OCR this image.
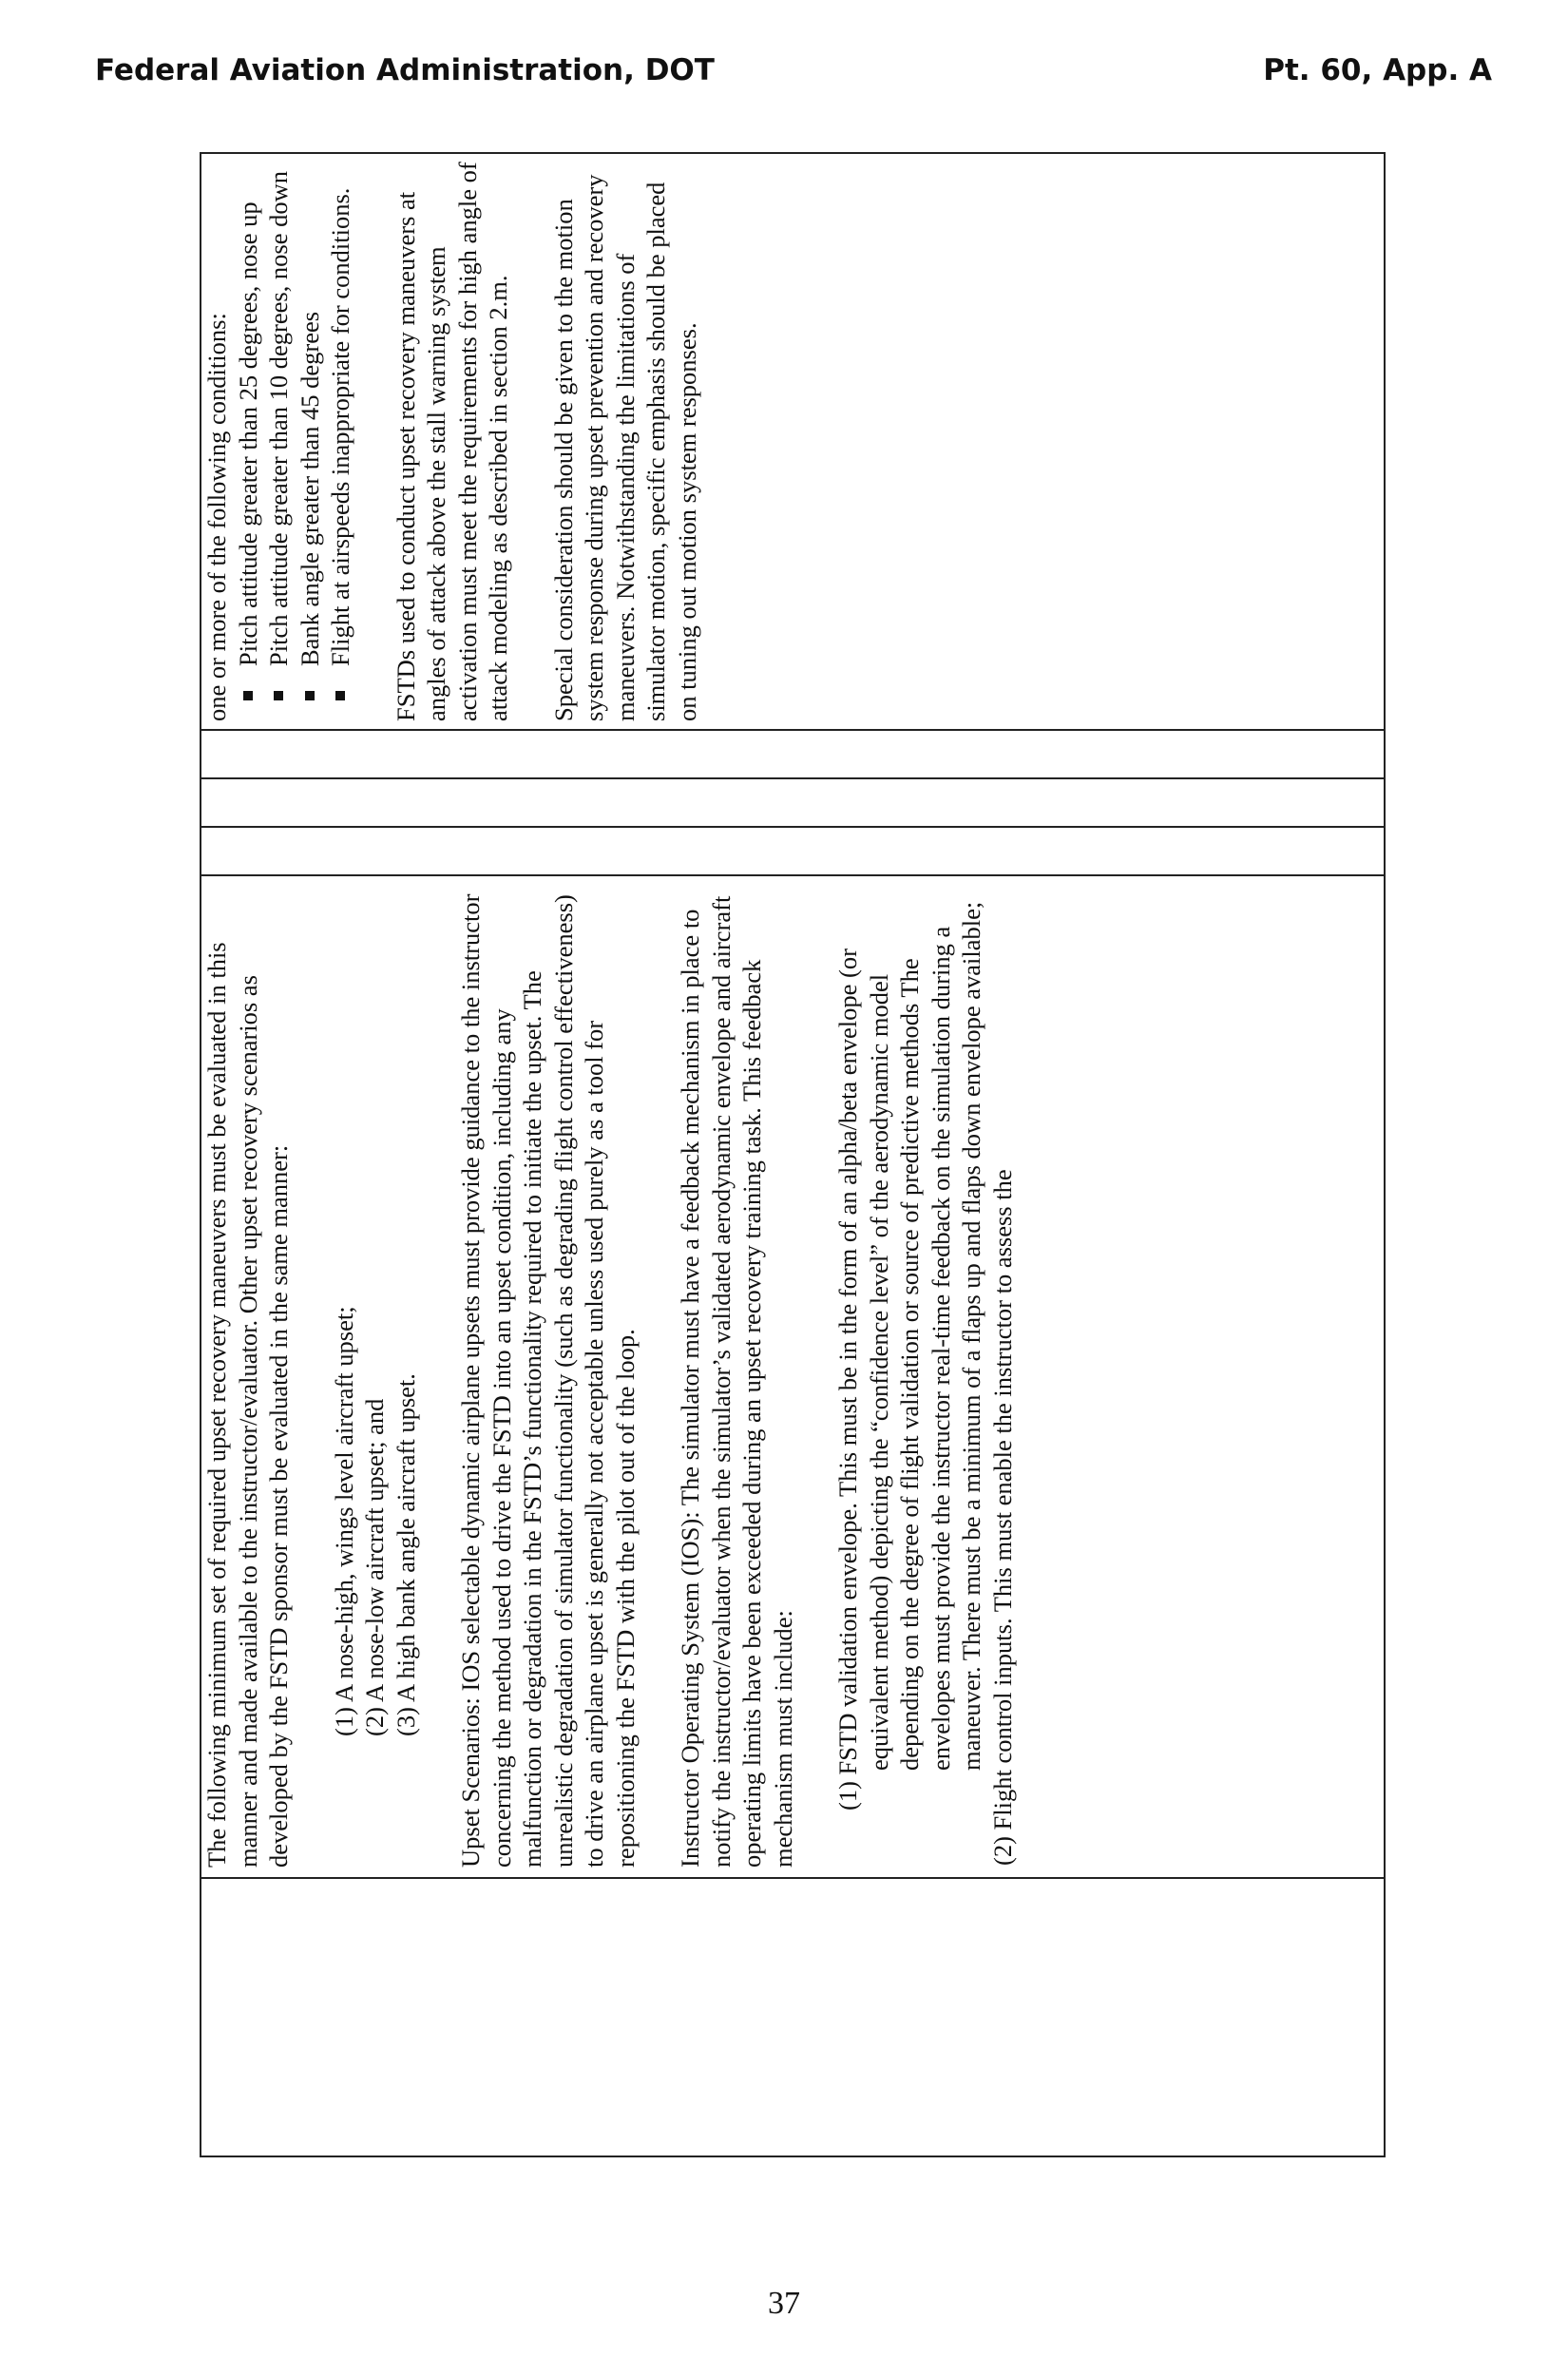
Federal Aviation Administration, DOT	Pt. 60, App. A

The following minimum set of required upset recovery maneuvers must be evaluated in this manner and made available to the instructor/evaluator. Other upset recovery scenarios as developed by the FSTD sponsor must be evaluated in the same manner: (1) A nose-high, wings level aircraft upset; (2) A nose-low aircraft upset; and (3) A high bank angle aircraft upset. Upset Scenarios: IOS selectable dynamic airplane upsets must provide guidance to the instructor concerning the method used to drive the FSTD into an upset condition, including any malfunction or degradation in the FSTD’s functionality required to initiate the upset. The unrealistic degradation of simulator functionality (such as degrading flight control effectiveness) to drive an airplane upset is generally not acceptable unless used purely as a tool for repositioning the FSTD with the pilot out of the loop. Instructor Operating System (IOS): The simulator must have a feedback mechanism in place to notify the instructor/evaluator when the simulator’s validated aerodynamic envelope and aircraft operating limits have been exceeded during an upset recovery training task. This feedback mechanism must include: (1) FSTD validation envelope. This must be in the form of an alpha/beta envelope (or equivalent method) depicting the “confidence level” of the aerodynamic model depending on the degree of flight validation or source of predictive methods The envelopes must provide the instructor real-time feedback on the simulation during a maneuver. There must be a minimum of a flaps up and flaps down envelope available; (2) Flight control inputs. This must enable the instructor to assess the

one or more of the following conditions: Pitch attitude greater than 25 degrees, nose up Pitch attitude greater than 10 degrees, nose down Bank angle greater than 45 degrees Flight at airspeeds inappropriate for conditions. FSTDs used to conduct upset recovery maneuvers at angles of attack above the stall warning system activation must meet the requirements for high angle of attack modeling as described in section 2.m. Special consideration should be given to the motion system response during upset prevention and recovery maneuvers. Notwithstanding the limitations of simulator motion, specific emphasis should be placed on tuning out motion system responses.

37
